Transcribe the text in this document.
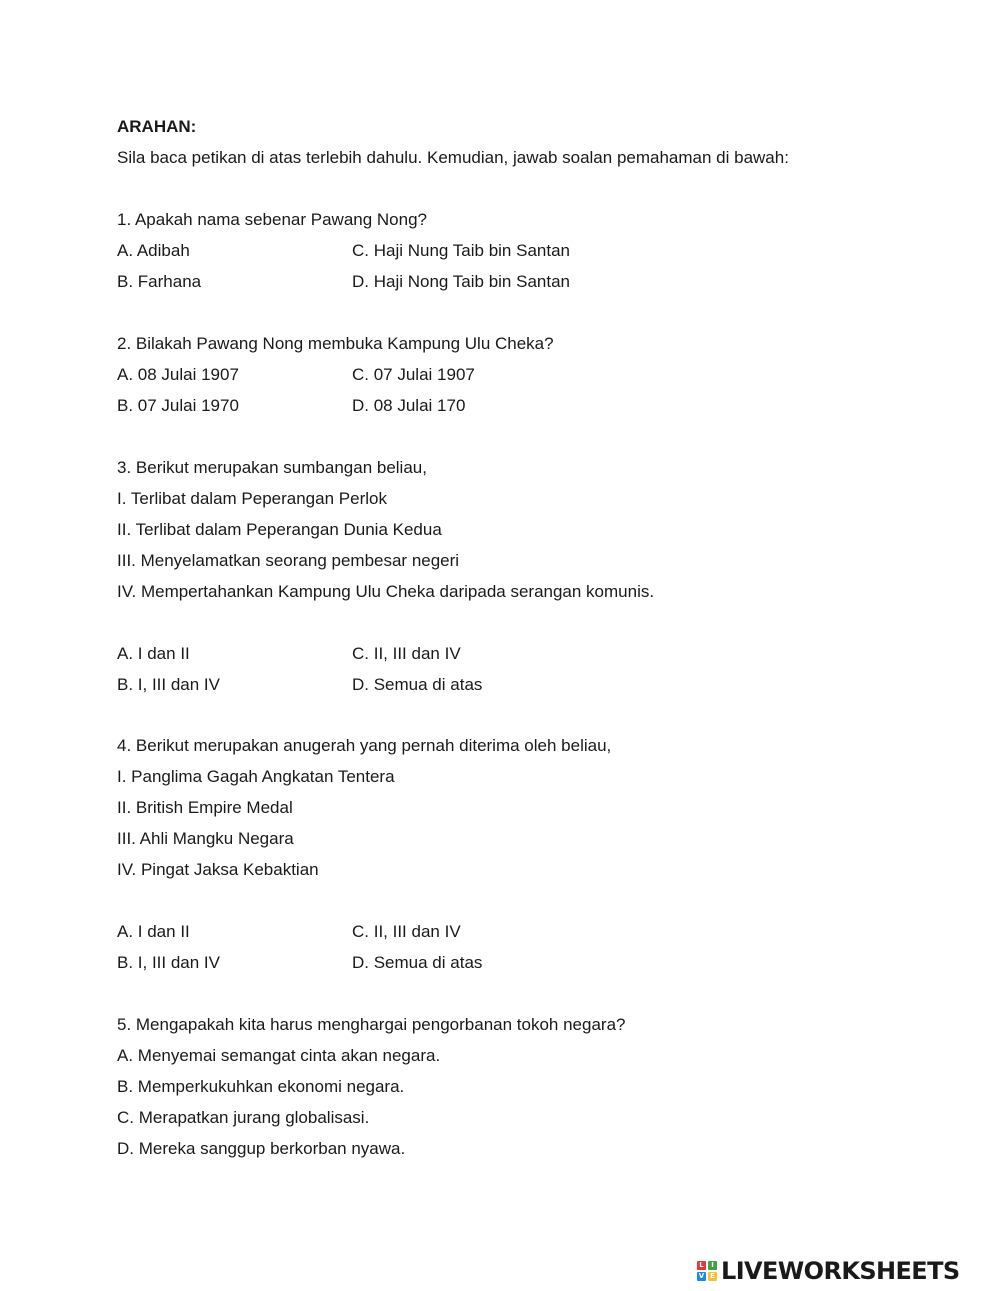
ARAHAN:
Sila baca petikan di atas terlebih dahulu. Kemudian, jawab soalan pemahaman di bawah:
1. Apakah nama sebenar Pawang Nong?
A. Adibah	C. Haji Nung Taib bin Santan
B. Farhana	D. Haji Nong Taib bin Santan
2. Bilakah Pawang Nong membuka Kampung Ulu Cheka?
A. 08 Julai 1907	C. 07 Julai 1907
B. 07 Julai 1970	D. 08 Julai 170
3. Berikut merupakan sumbangan beliau,
I. Terlibat dalam Peperangan Perlok
II. Terlibat dalam Peperangan Dunia Kedua
III. Menyelamatkan seorang pembesar negeri
IV. Mempertahankan Kampung Ulu Cheka daripada serangan komunis.
A. I dan II	C. II, III dan IV
B. I, III dan IV	D. Semua di atas
4. Berikut merupakan anugerah yang pernah diterima oleh beliau,
I. Panglima Gagah Angkatan Tentera
II. British Empire Medal
III. Ahli Mangku Negara
IV. Pingat Jaksa Kebaktian
A. I dan II	C. II, III dan IV
B. I, III dan IV	D. Semua di atas
5. Mengapakah kita harus menghargai pengorbanan tokoh negara?
A. Menyemai semangat cinta akan negara.
B. Memperkukuhkan ekonomi negara.
C. Merapatkan jurang globalisasi.
D. Mereka sanggup berkorban nyawa.
L	I
V E LIVEWORKSHEETS
